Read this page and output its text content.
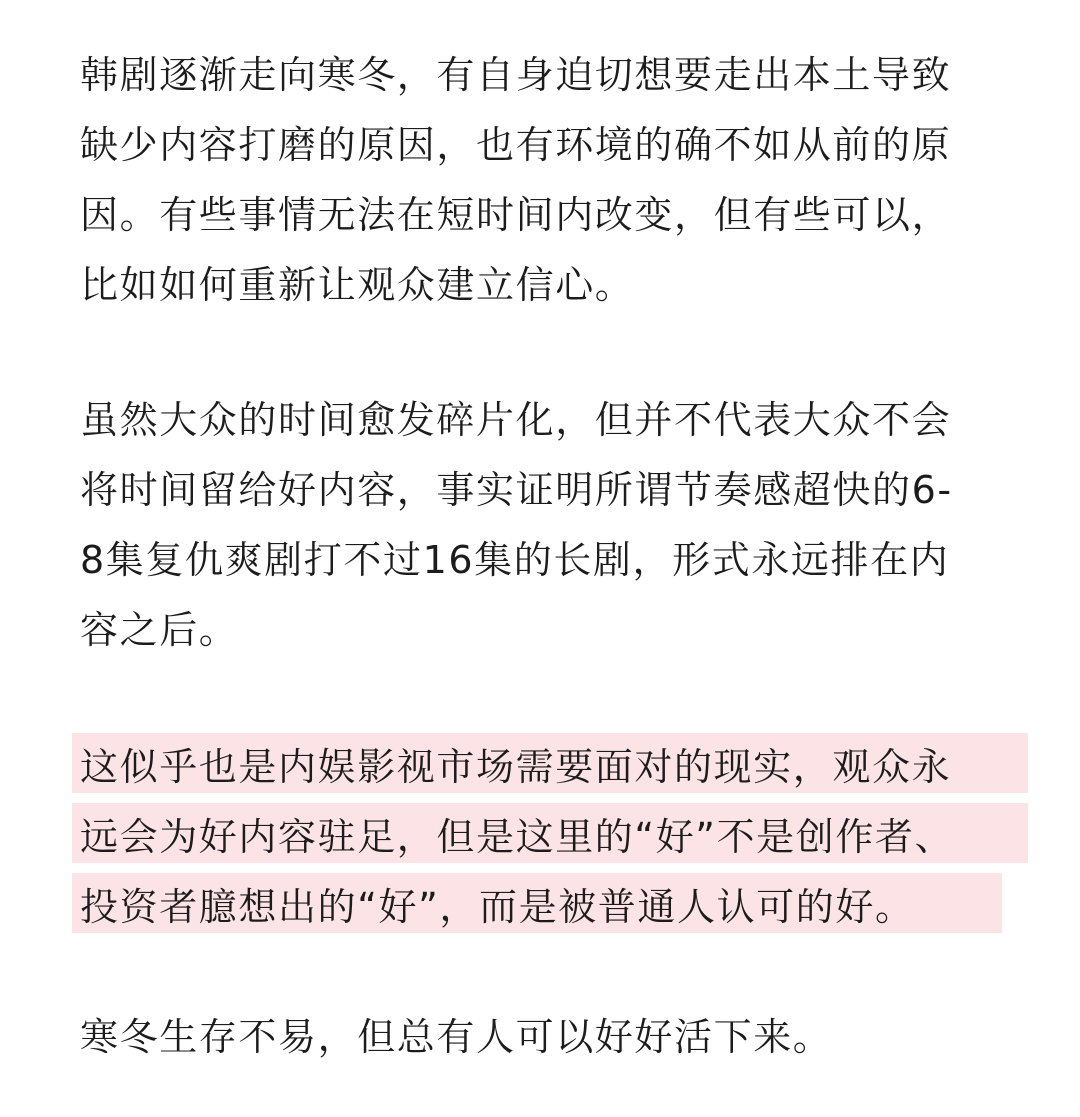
韩剧逐渐走向寒冬，有自身迫切想要走出本土导致
缺少内容打磨的原因，也有环境的确不如从前的原
因。有些事情无法在短时间内改变，但有些可以，
比如如何重新让观众建立信心。

虽然大众的时间愈发碎片化，但并不代表大众不会
将时间留给好内容，事实证明所谓节奏感超快的6-
8集复仇爽剧打不过16集的长剧，形式永远排在内
容之后。

这似乎也是内娱影视市场需要面对的现实，观众永
远会为好内容驻足，但是这里的“好”不是创作者、
投资者臆想出的“好”，而是被普通人认可的好。

寒冬生存不易，但总有人可以好好活下来。
